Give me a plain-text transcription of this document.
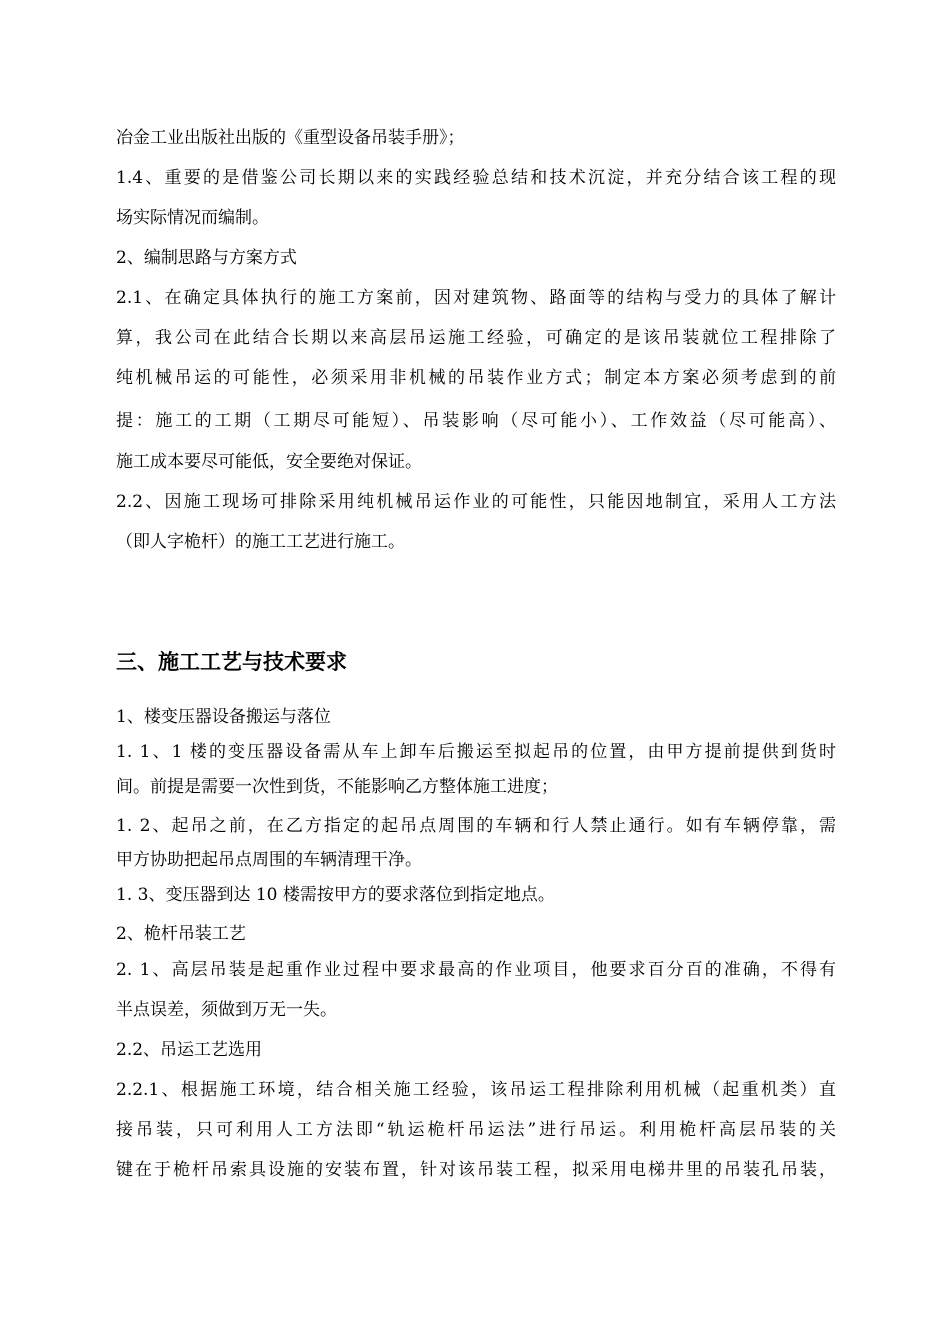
冶金工业出版社出版的《重型设备吊装手册》；
1.4、重要的是借鉴公司长期以来的实践经验总结和技术沉淀，并充分结合该工程的现
场实际情况而编制。
2、编制思路与方案方式
2.1、在确定具体执行的施工方案前，因对建筑物、路面等的结构与受力的具体了解计
算，我公司在此结合长期以来高层吊运施工经验，可确定的是该吊装就位工程排除了
纯机械吊运的可能性，必须采用非机械的吊装作业方式；制定本方案必须考虑到的前
提：施工的工期（工期尽可能短）、吊装影响（尽可能小）、工作效益（尽可能高）、
施工成本要尽可能低，安全要绝对保证。
2.2、因施工现场可排除采用纯机械吊运作业的可能性，只能因地制宜，采用人工方法
（即人字桅杆）的施工工艺进行施工。
三、施工工艺与技术要求
1、楼变压器设备搬运与落位
1. 1、1 楼的变压器设备需从车上卸车后搬运至拟起吊的位置，由甲方提前提供到货时
间。前提是需要一次性到货，不能影响乙方整体施工进度；
1. 2、起吊之前，在乙方指定的起吊点周围的车辆和行人禁止通行。如有车辆停靠，需
甲方协助把起吊点周围的车辆清理干净。
1. 3、变压器到达 10 楼需按甲方的要求落位到指定地点。
2、桅杆吊装工艺
2. 1、高层吊装是起重作业过程中要求最高的作业项目，他要求百分百的准确，不得有
半点误差，须做到万无一失。
2.2、吊运工艺选用
2.2.1、根据施工环境，结合相关施工经验，该吊运工程排除利用机械（起重机类）直
接吊装，只可利用人工方法即“轨运桅杆吊运法”进行吊运。利用桅杆高层吊装的关
键在于桅杆吊索具设施的安装布置，针对该吊装工程，拟采用电梯井里的吊装孔吊装，
